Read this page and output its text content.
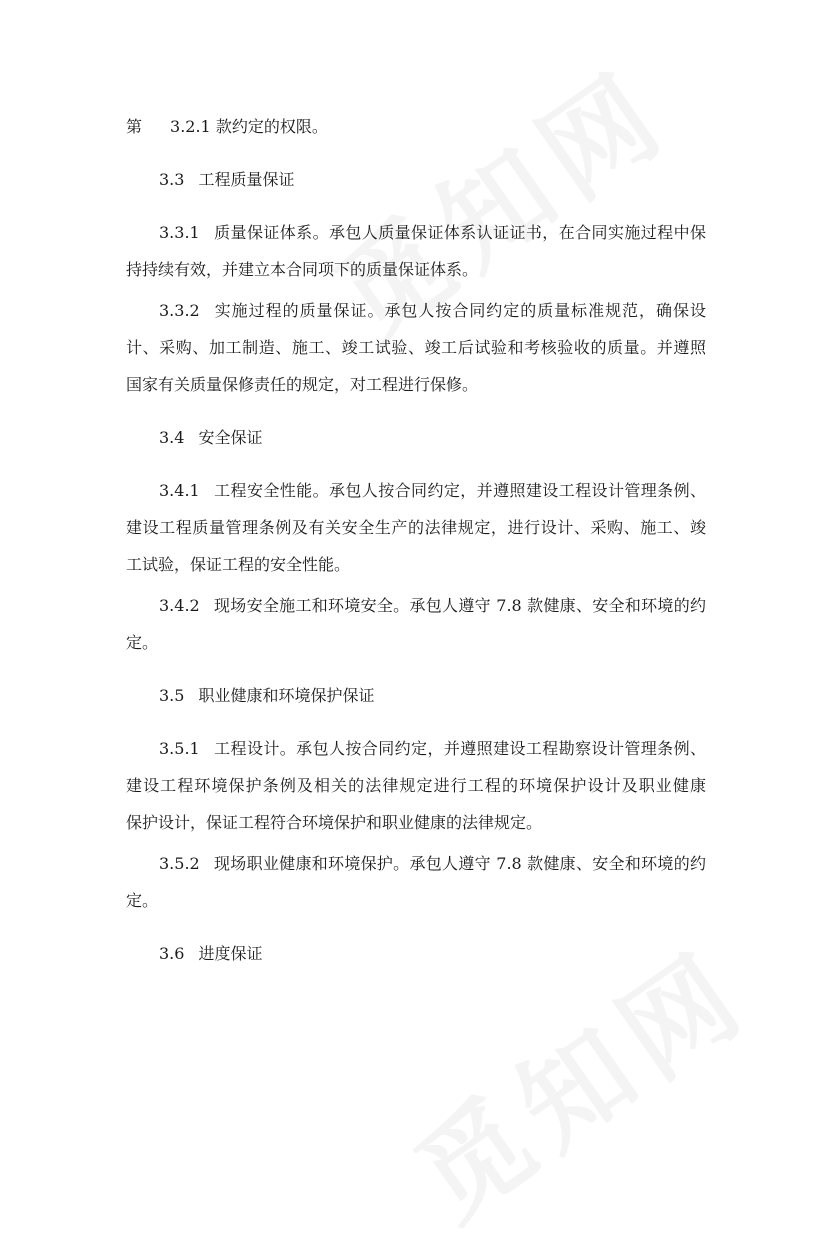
第 3.2.1 款约定的权限。

3.3 工程质量保证

3.3.1 质量保证体系。承包人质量保证体系认证证书，在合同实施过程中保

持持续有效，并建立本合同项下的质量保证体系。

3.3.2 实施过程的质量保证。承包人按合同约定的质量标准规范，确保设

计、采购、加工制造、施工、竣工试验、竣工后试验和考核验收的质量。并遵照

国家有关质量保修责任的规定，对工程进行保修。

3.4 安全保证

3.4.1 工程安全性能。承包人按合同约定，并遵照建设工程设计管理条例、

建设工程质量管理条例及有关安全生产的法律规定，进行设计、采购、施工、竣

工试验，保证工程的安全性能。

3.4.2 现场安全施工和环境安全。承包人遵守 7.8 款健康、安全和环境的约

定。

3.5 职业健康和环境保护保证

3.5.1 工程设计。承包人按合同约定，并遵照建设工程勘察设计管理条例、

建设工程环境保护条例及相关的法律规定进行工程的环境保护设计及职业健康

保护设计，保证工程符合环境保护和职业健康的法律规定。

3.5.2 现场职业健康和环境保护。承包人遵守 7.8 款健康、安全和环境的约

定。

3.6 进度保证
